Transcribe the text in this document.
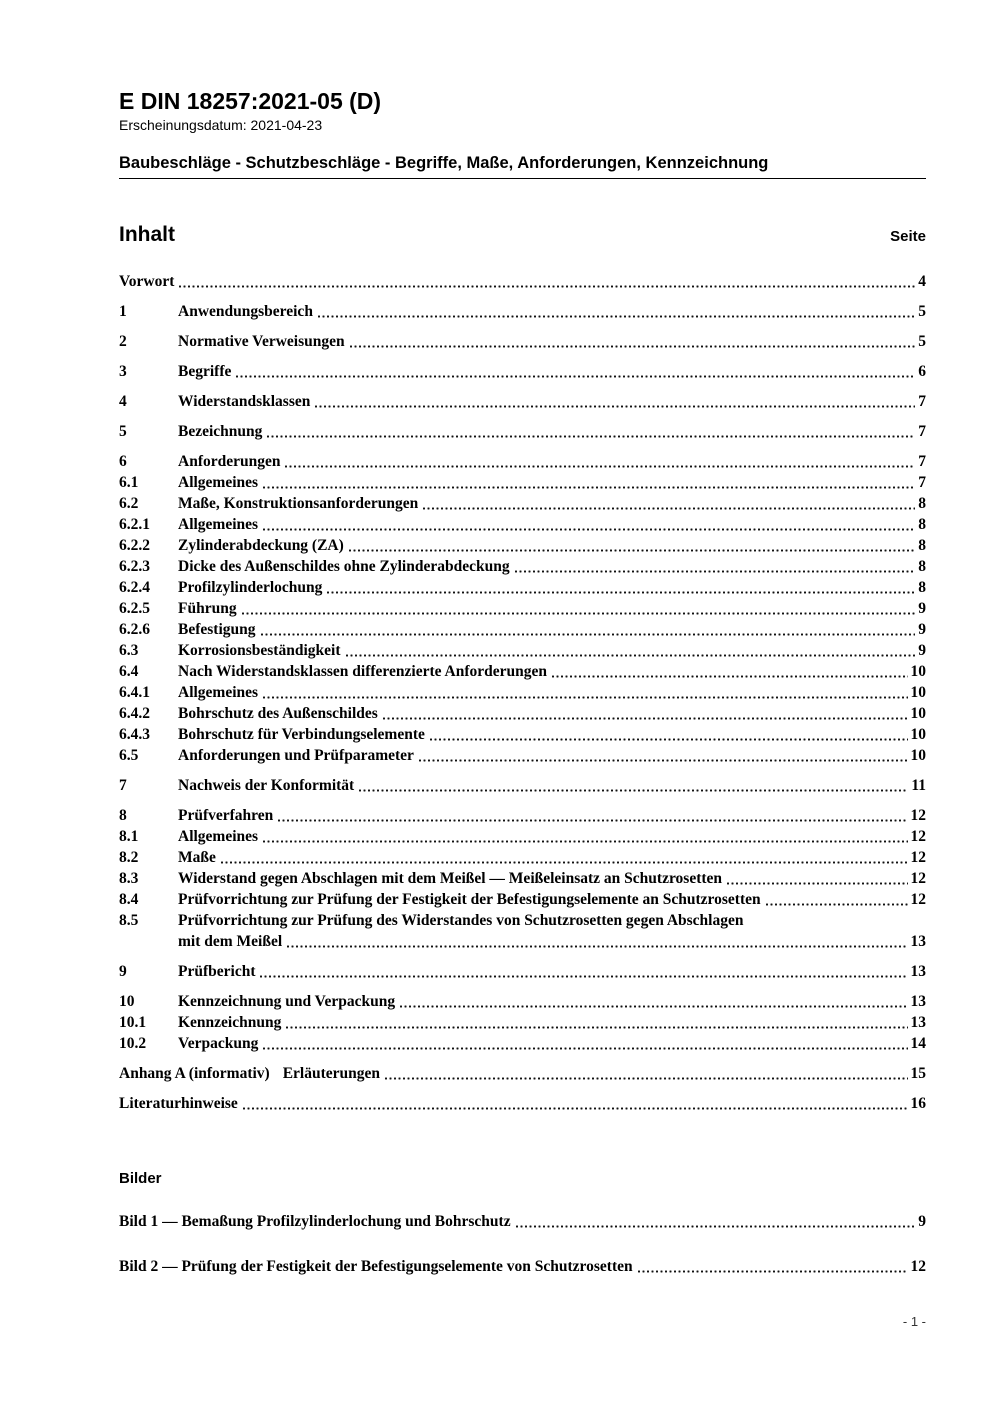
E DIN 18257:2021-05 (D)
Erscheinungsdatum: 2021-04-23
Baubeschläge - Schutzbeschläge - Begriffe, Maße, Anforderungen, Kennzeichnung
Inhalt	Seite
Vorwort	4
1	Anwendungsbereich	5
2	Normative Verweisungen	5
3	Begriffe	6
4	Widerstandsklassen	7
5	Bezeichnung	7
6	Anforderungen	7
6.1	Allgemeines	7
6.2	Maße, Konstruktionsanforderungen	8
6.2.1	Allgemeines	8
6.2.2	Zylinderabdeckung (ZA)	8
6.2.3	Dicke des Außenschildes ohne Zylinderabdeckung	8
6.2.4	Profilzylinderlochung	8
6.2.5	Führung	9
6.2.6	Befestigung	9
6.3	Korrosionsbeständigkeit	9
6.4	Nach Widerstandsklassen differenzierte Anforderungen	10
6.4.1	Allgemeines	10
6.4.2	Bohrschutz des Außenschildes	10
6.4.3	Bohrschutz für Verbindungselemente	10
6.5	Anforderungen und Prüfparameter	10
7	Nachweis der Konformität	11
8	Prüfverfahren	12
8.1	Allgemeines	12
8.2	Maße	12
8.3	Widerstand gegen Abschlagen mit dem Meißel — Meißeleinsatz an Schutzrosetten	12
8.4	Prüfvorrichtung zur Prüfung der Festigkeit der Befestigungselemente an Schutzrosetten	12
8.5	Prüfvorrichtung zur Prüfung des Widerstandes von Schutzrosetten gegen Abschlagen
mit dem Meißel	13
9	Prüfbericht	13
10	Kennzeichnung und Verpackung	13
10.1	Kennzeichnung	13
10.2	Verpackung	14
Anhang A (informativ) Erläuterungen	15
Literaturhinweise	16
Bilder
Bild 1 — Bemaßung Profilzylinderlochung und Bohrschutz	9
Bild 2 — Prüfung der Festigkeit der Befestigungselemente von Schutzrosetten	12
- 1 -
